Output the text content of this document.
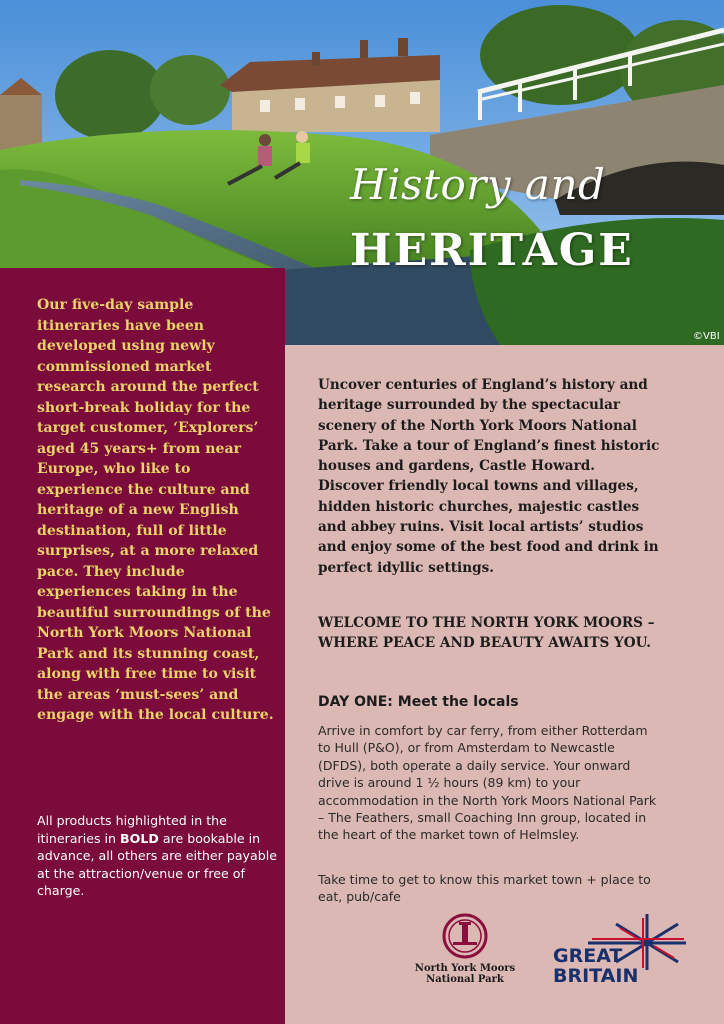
History and
HERITAGE
©VBI

Our five-day sample itineraries have been developed using newly commissioned market research around the perfect short-break holiday for the target customer, ‘Explorers’ aged 45 years+ from near Europe, who like to experience the culture and heritage of a new English destination, full of little surprises, at a more relaxed pace. They include experiences taking in the beautiful surroundings of the North York Moors National Park and its stunning coast, along with free time to visit the areas ‘must-sees’ and engage with the local culture.

All products highlighted in the itineraries in BOLD are bookable in advance, all others are either payable at the attraction/venue or free of charge.

Uncover centuries of England’s history and heritage surrounded by the spectacular scenery of the North York Moors National Park. Take a tour of England’s finest historic houses and gardens, Castle Howard. Discover friendly local towns and villages, hidden historic churches, majestic castles and abbey ruins. Visit local artists’ studios and enjoy some of the best food and drink in perfect idyllic settings.

WELCOME TO THE NORTH YORK MOORS – WHERE PEACE AND BEAUTY AWAITS YOU.

DAY ONE: Meet the locals

Arrive in comfort by car ferry, from either Rotterdam to Hull (P&O), or from Amsterdam to Newcastle (DFDS), both operate a daily service. Your onward drive is around 1 ½ hours (89 km) to your accommodation in the North York Moors National Park – The Feathers, small Coaching Inn group, located in the heart of the market town of Helmsley.

Take time to get to know this market town + place to eat, pub/cafe

North York Moors
National Park
GREAT
BRITAIN
